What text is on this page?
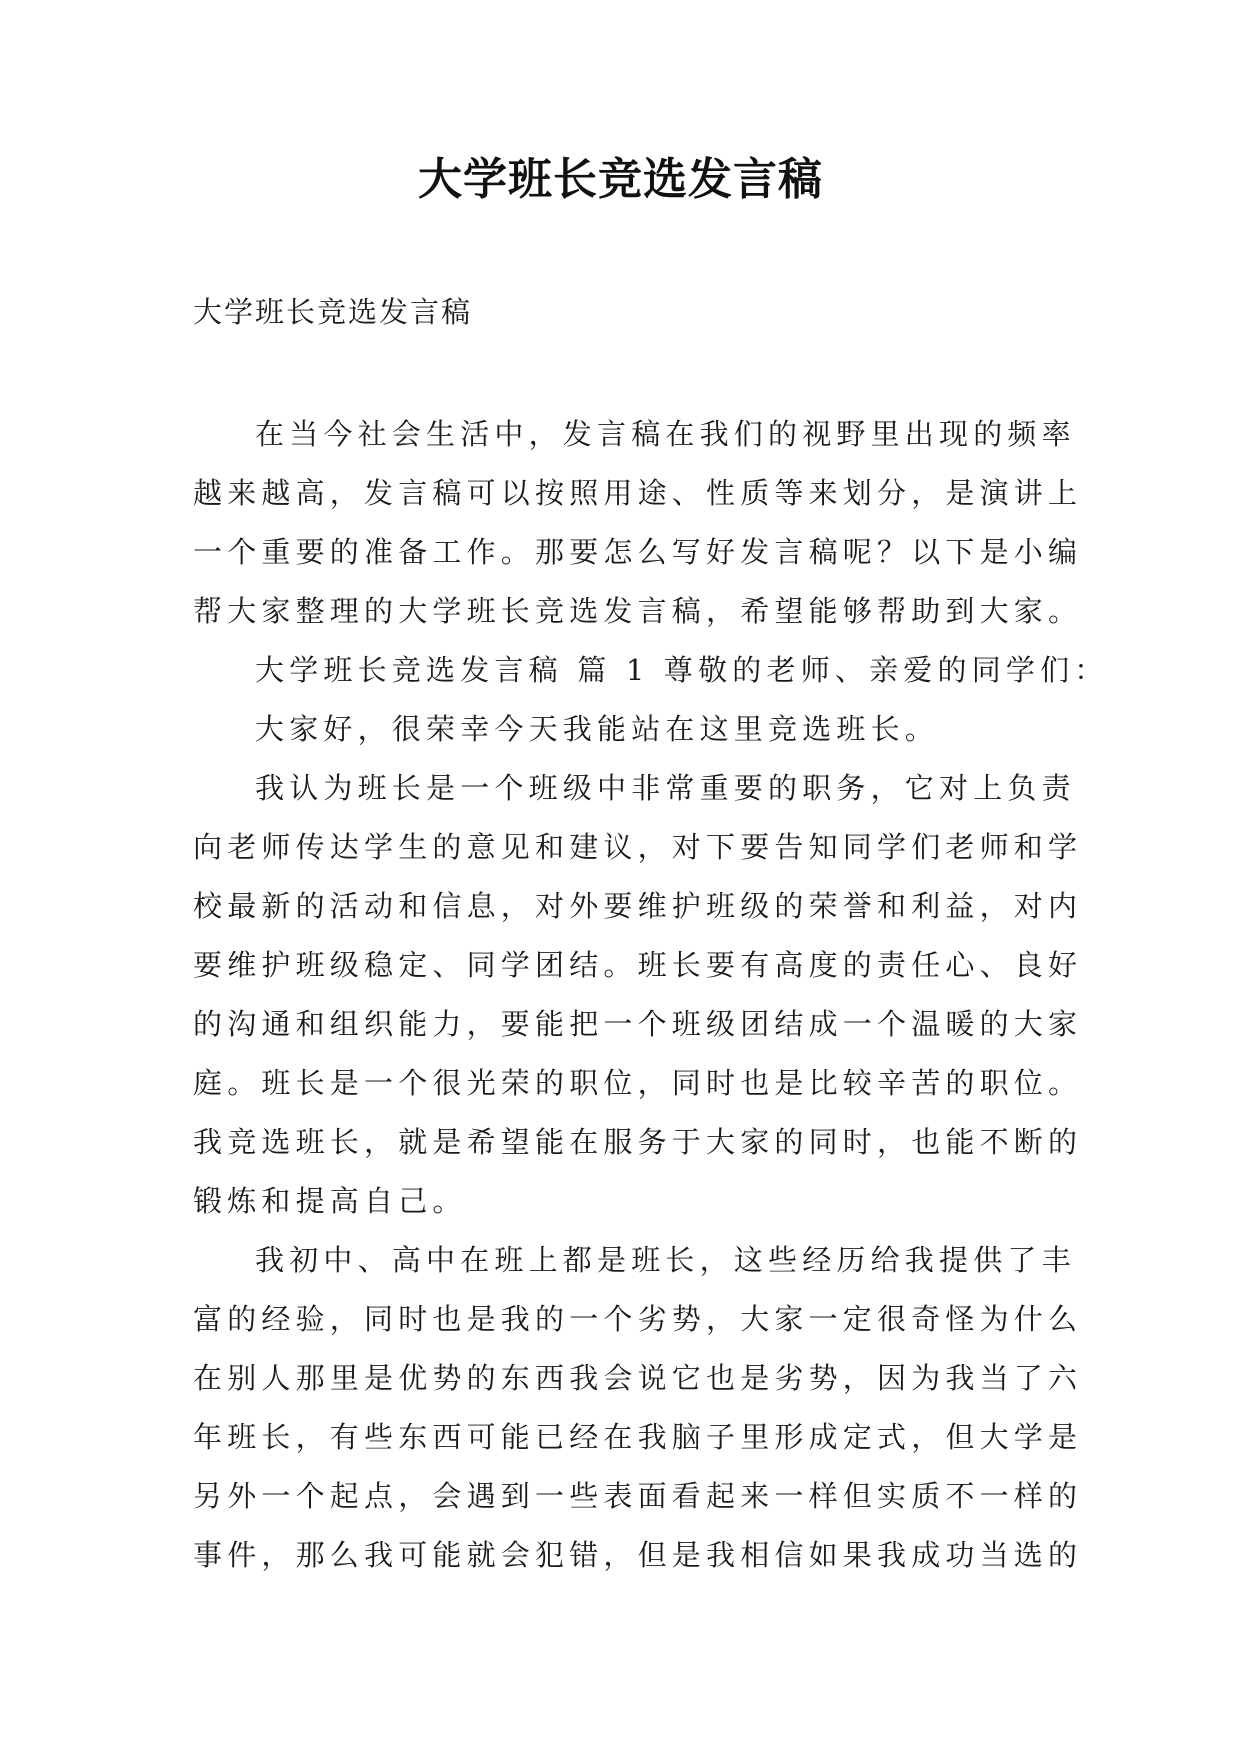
大学班长竞选发言稿
大学班长竞选发言稿
在当今社会生活中，发言稿在我们的视野里出现的频率
越来越高，发言稿可以按照用途、性质等来划分，是演讲上
一个重要的准备工作。那要怎么写好发言稿呢？以下是小编
帮大家整理的大学班长竞选发言稿，希望能够帮助到大家。
大学班长竞选发言稿 篇 1 尊敬的老师、亲爱的同学们：
大家好，很荣幸今天我能站在这里竞选班长。
我认为班长是一个班级中非常重要的职务，它对上负责
向老师传达学生的意见和建议，对下要告知同学们老师和学
校最新的活动和信息，对外要维护班级的荣誉和利益，对内
要维护班级稳定、同学团结。班长要有高度的责任心、良好
的沟通和组织能力，要能把一个班级团结成一个温暖的大家
庭。班长是一个很光荣的职位，同时也是比较辛苦的职位。
我竞选班长，就是希望能在服务于大家的同时，也能不断的
锻炼和提高自己。
我初中、高中在班上都是班长，这些经历给我提供了丰
富的经验，同时也是我的一个劣势，大家一定很奇怪为什么
在别人那里是优势的东西我会说它也是劣势，因为我当了六
年班长，有些东西可能已经在我脑子里形成定式，但大学是
另外一个起点，会遇到一些表面看起来一样但实质不一样的
事件，那么我可能就会犯错，但是我相信如果我成功当选的
